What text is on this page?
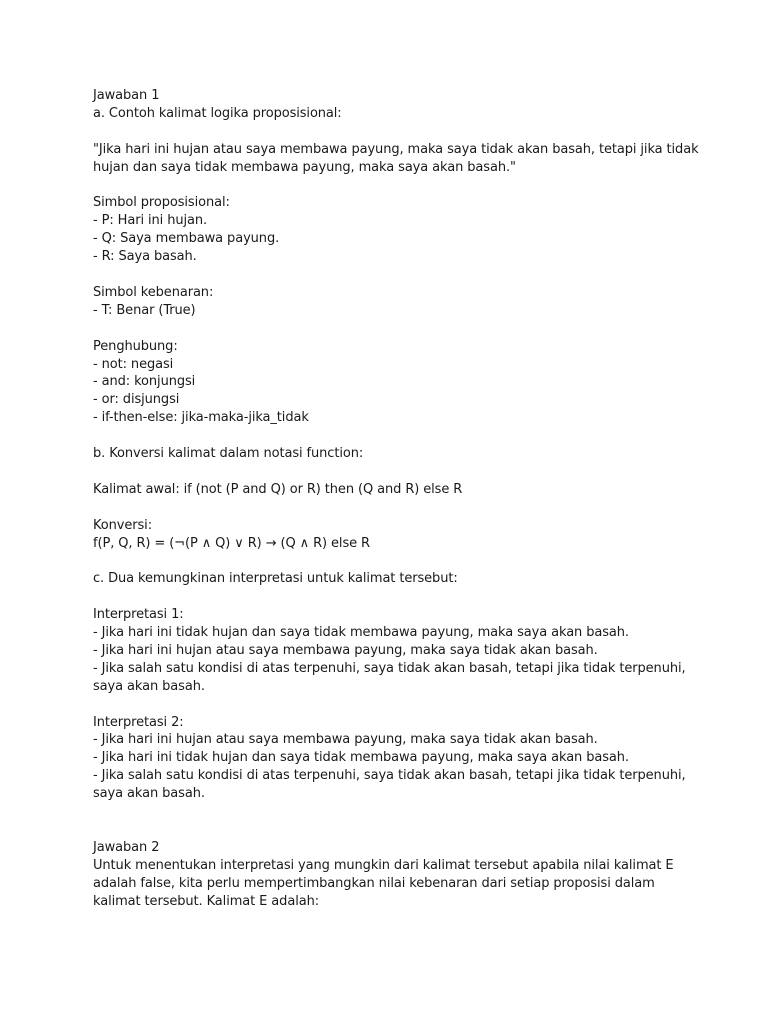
Jawaban 1
a. Contoh kalimat logika proposisional:
"Jika hari ini hujan atau saya membawa payung, maka saya tidak akan basah, tetapi jika tidak
hujan dan saya tidak membawa payung, maka saya akan basah."
Simbol proposisional:
- P: Hari ini hujan.
- Q: Saya membawa payung.
- R: Saya basah.
Simbol kebenaran:
- T: Benar (True)
Penghubung:
- not: negasi
- and: konjungsi
- or: disjungsi
- if-then-else: jika-maka-jika_tidak
b. Konversi kalimat dalam notasi function:
Kalimat awal: if (not (P and Q) or R) then (Q and R) else R
Konversi:
f(P, Q, R) = (¬(P ∧ Q) ∨ R) → (Q ∧ R) else R
c. Dua kemungkinan interpretasi untuk kalimat tersebut:
Interpretasi 1:
- Jika hari ini tidak hujan dan saya tidak membawa payung, maka saya akan basah.
- Jika hari ini hujan atau saya membawa payung, maka saya tidak akan basah.
- Jika salah satu kondisi di atas terpenuhi, saya tidak akan basah, tetapi jika tidak terpenuhi,
saya akan basah.
Interpretasi 2:
- Jika hari ini hujan atau saya membawa payung, maka saya tidak akan basah.
- Jika hari ini tidak hujan dan saya tidak membawa payung, maka saya akan basah.
- Jika salah satu kondisi di atas terpenuhi, saya tidak akan basah, tetapi jika tidak terpenuhi,
saya akan basah.
Jawaban 2
Untuk menentukan interpretasi yang mungkin dari kalimat tersebut apabila nilai kalimat E
adalah false, kita perlu mempertimbangkan nilai kebenaran dari setiap proposisi dalam
kalimat tersebut. Kalimat E adalah:
